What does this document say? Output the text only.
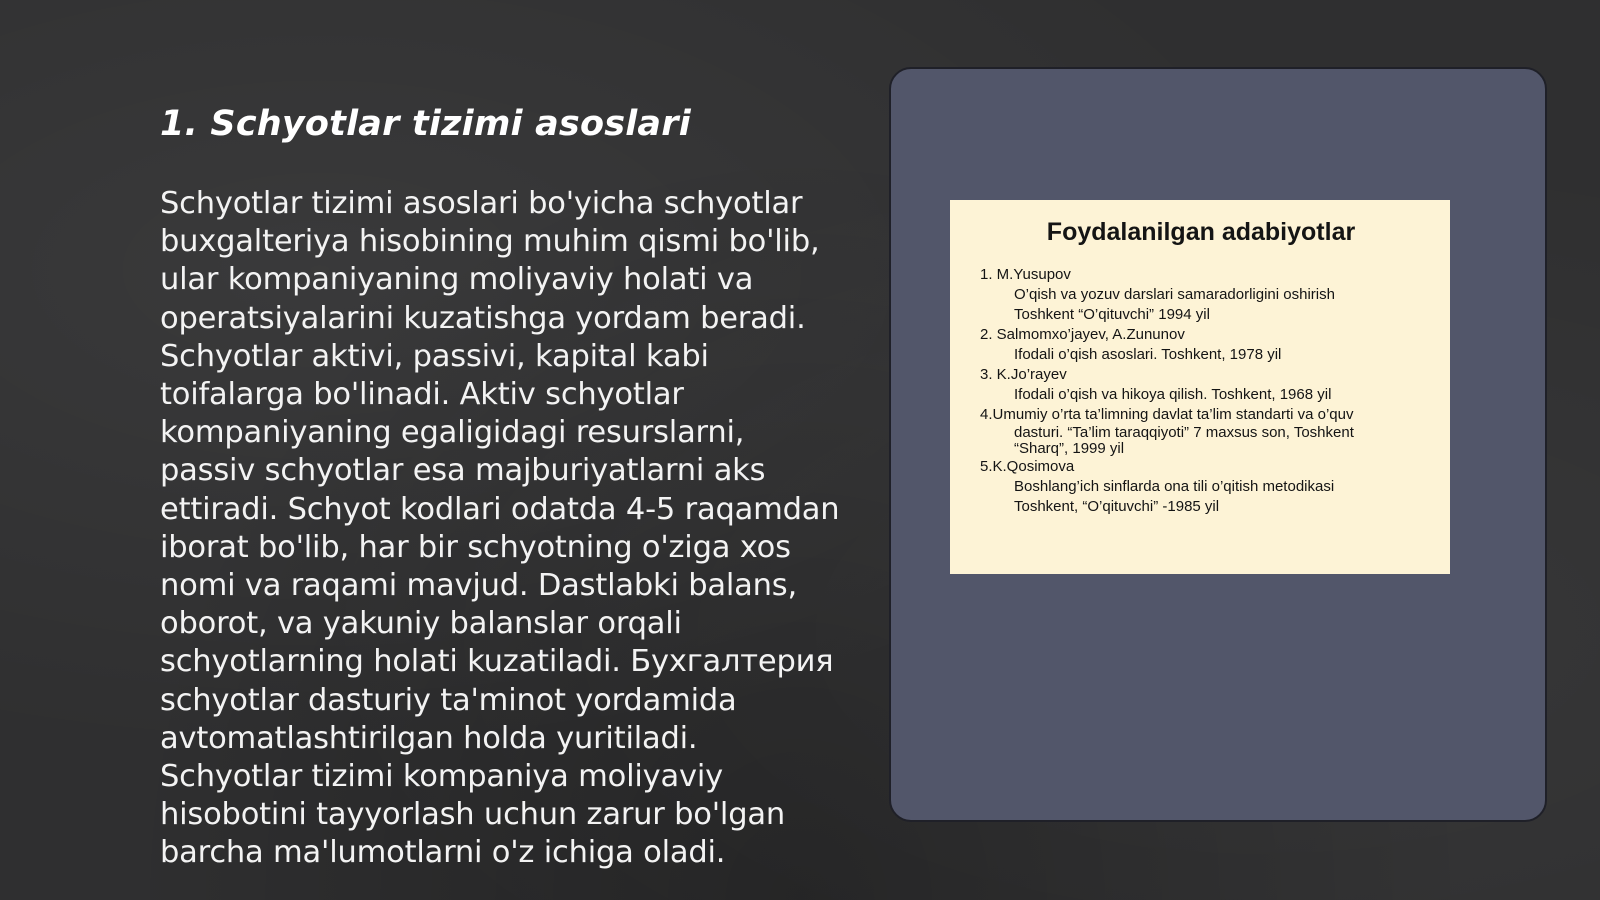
1. Schyotlar tizimi asoslari

Schyotlar tizimi asoslari bo'yicha schyotlar buxgalteriya hisobining muhim qismi bo'lib, ular kompaniyaning moliyaviy holati va operatsiyalarini kuzatishga yordam beradi. Schyotlar aktivi, passivi, kapital kabi toifalarga bo'linadi. Aktiv schyotlar kompaniyaning egaligidagi resurslarni, passiv schyotlar esa majburiyatlarni aks ettiradi. Schyot kodlari odatda 4-5 raqamdan iborat bo'lib, har bir schyotning o'ziga xos nomi va raqami mavjud. Dastlabki balans, oborot, va yakuniy balanslar orqali schyotlarning holati kuzatiladi. Бухгалтерия schyotlar dasturiy ta'minot yordamida avtomatlashtirilgan holda yuritiladi. Schyotlar tizimi kompaniya moliyaviy hisobotini tayyorlash uchun zarur bo'lgan barcha ma'lumotlarni o'z ichiga oladi.

Foydalanilgan adabiyotlar

1. M.Yusupov

O’qish va yozuv darslari samaradorligini oshirish

Toshkent “O’qituvchi” 1994 yil

2. Salmomxo’jayev, A.Zununov

Ifodali o’qish asoslari. Toshkent, 1978 yil

3. K.Jo’rayev

Ifodali o’qish va hikoya qilish. Toshkent, 1968 yil

4.Umumiy o’rta ta’limning davlat ta’lim standarti va o’quv

dasturi. “Ta’lim taraqqiyoti” 7 maxsus son, Toshkent

“Sharq”, 1999 yil

5.K.Qosimova

Boshlang’ich sinflarda ona tili o’qitish metodikasi

Toshkent, “O’qituvchi” -1985 yil
